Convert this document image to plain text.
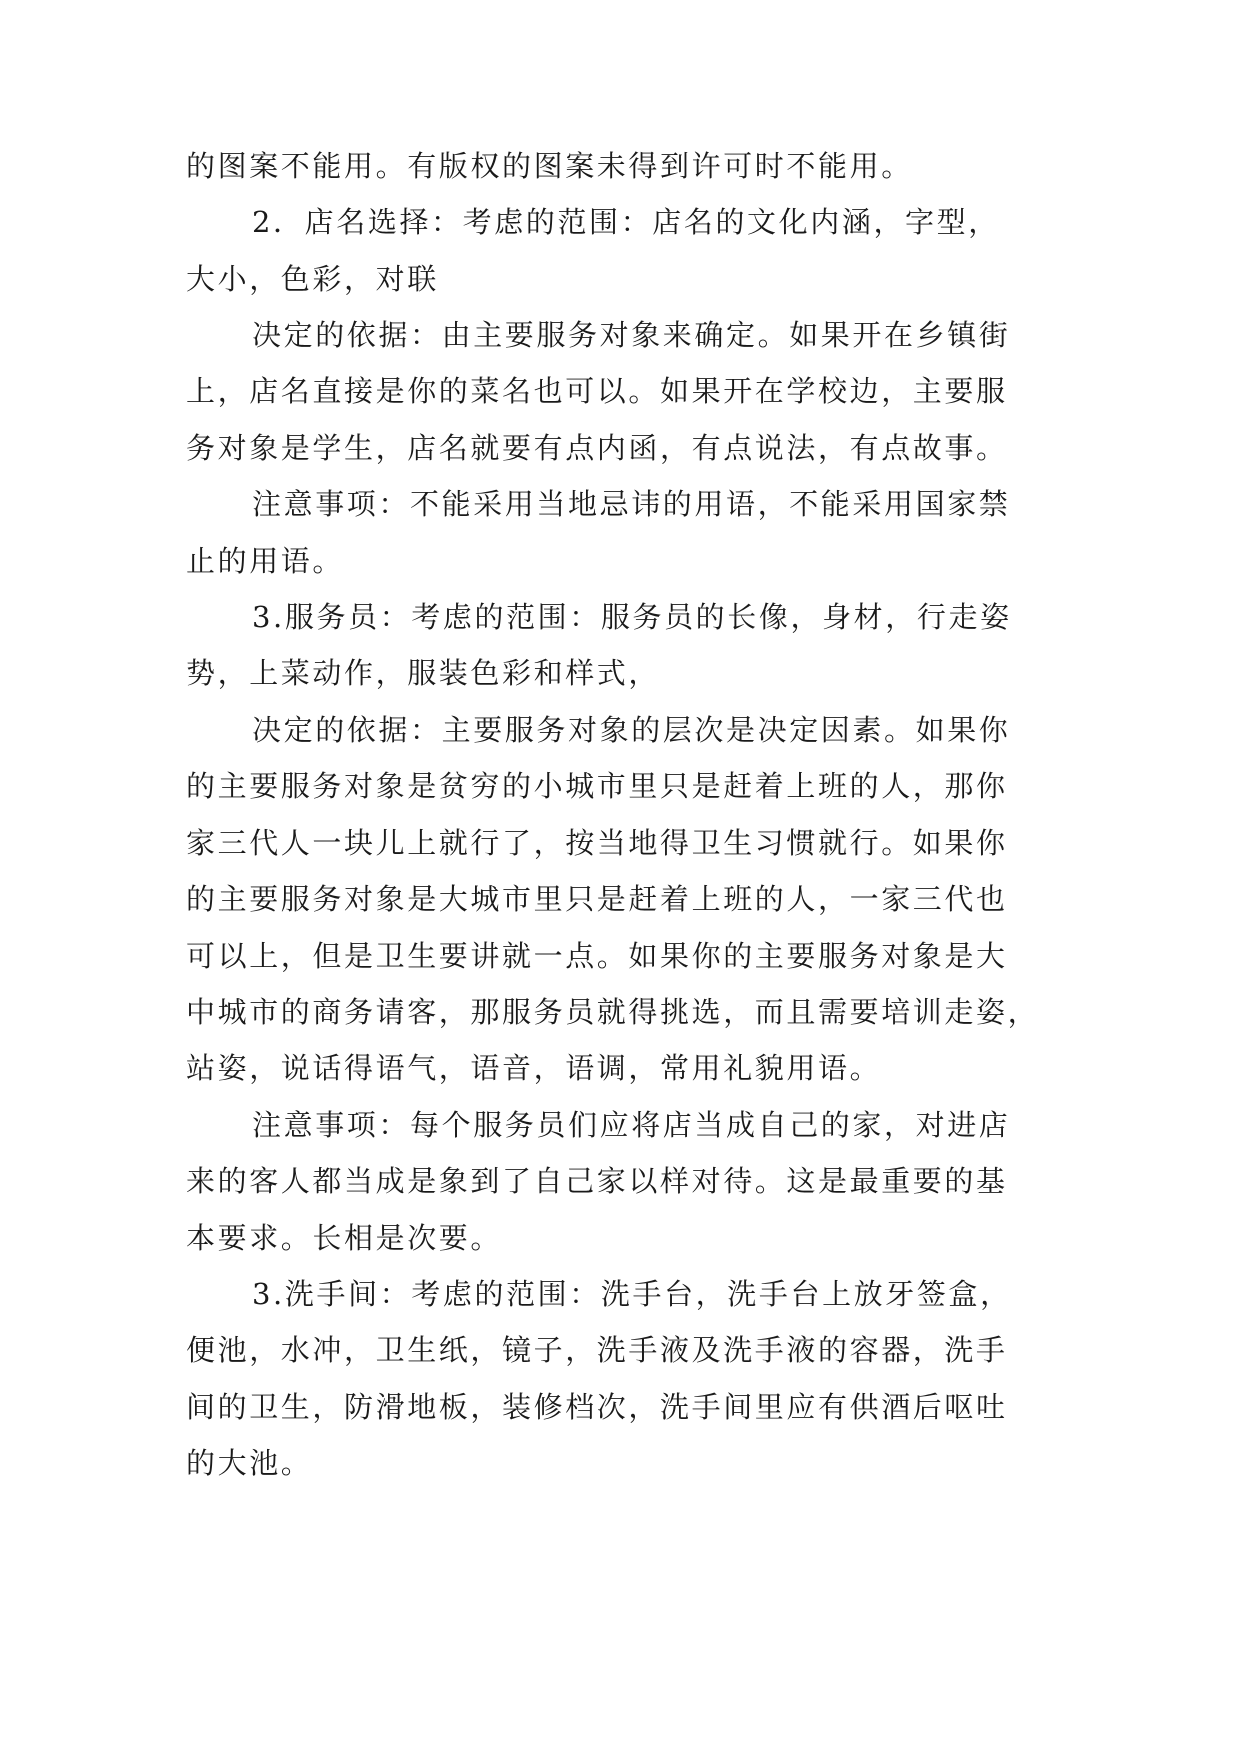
的图案不能用。有版权的图案未得到许可时不能用。
2．店名选择：考虑的范围：店名的文化内涵，字型，
大小，色彩，对联
决定的依据：由主要服务对象来确定。如果开在乡镇街
上，店名直接是你的菜名也可以。如果开在学校边，主要服
务对象是学生，店名就要有点内函，有点说法，有点故事。
注意事项：不能采用当地忌讳的用语，不能采用国家禁
止的用语。
3.服务员：考虑的范围：服务员的长像，身材，行走姿
势，上菜动作，服装色彩和样式，
决定的依据：主要服务对象的层次是决定因素。如果你
的主要服务对象是贫穷的小城市里只是赶着上班的人，那你
家三代人一块儿上就行了，按当地得卫生习惯就行。如果你
的主要服务对象是大城市里只是赶着上班的人，一家三代也
可以上，但是卫生要讲就一点。如果你的主要服务对象是大
中城市的商务请客，那服务员就得挑选，而且需要培训走姿，
站姿，说话得语气，语音，语调，常用礼貌用语。
注意事项：每个服务员们应将店当成自己的家，对进店
来的客人都当成是象到了自己家以样对待。这是最重要的基
本要求。长相是次要。
3.洗手间：考虑的范围：洗手台，洗手台上放牙签盒，
便池，水冲，卫生纸，镜子，洗手液及洗手液的容器，洗手
间的卫生，防滑地板，装修档次，洗手间里应有供酒后呕吐
的大池。
